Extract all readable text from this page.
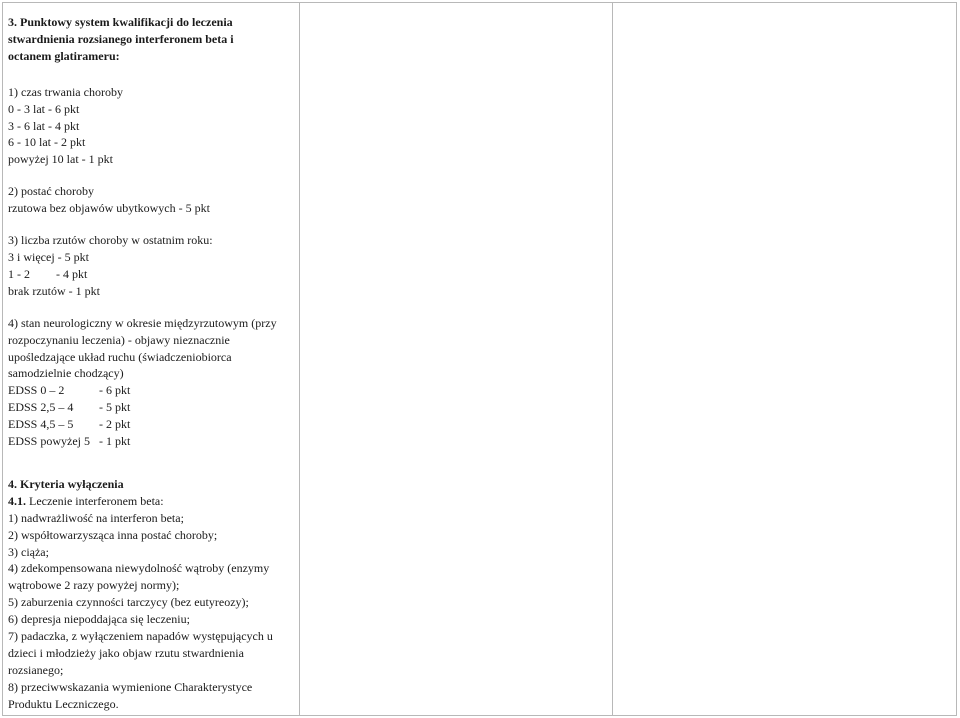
3. Punktowy system kwalifikacji do leczenia
stwardnienia rozsianego interferonem beta i
octanem glatirameru:
1) czas trwania choroby
0 - 3 lat - 6 pkt
3 - 6 lat - 4 pkt
6 - 10 lat - 2 pkt
powyżej 10 lat - 1 pkt
2) postać choroby
rzutowa bez objawów ubytkowych - 5 pkt
3) liczba rzutów choroby w ostatnim roku:
3 i więcej - 5 pkt
1 - 2 - 4 pkt
brak rzutów - 1 pkt
4) stan neurologiczny w okresie międzyrzutowym (przy
rozpoczynaniu leczenia) - objawy nieznacznie
upośledzające układ ruchu (świadczeniobiorca
samodzielnie chodzący)
EDSS 0 – 2	- 6 pkt
EDSS 2,5 – 4 - 5 pkt
EDSS 4,5 – 5 - 2 pkt
EDSS powyżej 5 - 1 pkt
4. Kryteria wyłączenia
4.1. Leczenie interferonem beta:
1) nadwrażliwość na interferon beta;
2) współtowarzysząca inna postać choroby;
3) ciąża;
4) zdekompensowana niewydolność wątroby (enzymy
wątrobowe 2 razy powyżej normy);
5) zaburzenia czynności tarczycy (bez eutyreozy);
6) depresja niepoddająca się leczeniu;
7) padaczka, z wyłączeniem napadów występujących u
dzieci i młodzieży jako objaw rzutu stwardnienia
rozsianego;
8) przeciwwskazania wymienione Charakterystyce
Produktu Leczniczego.
